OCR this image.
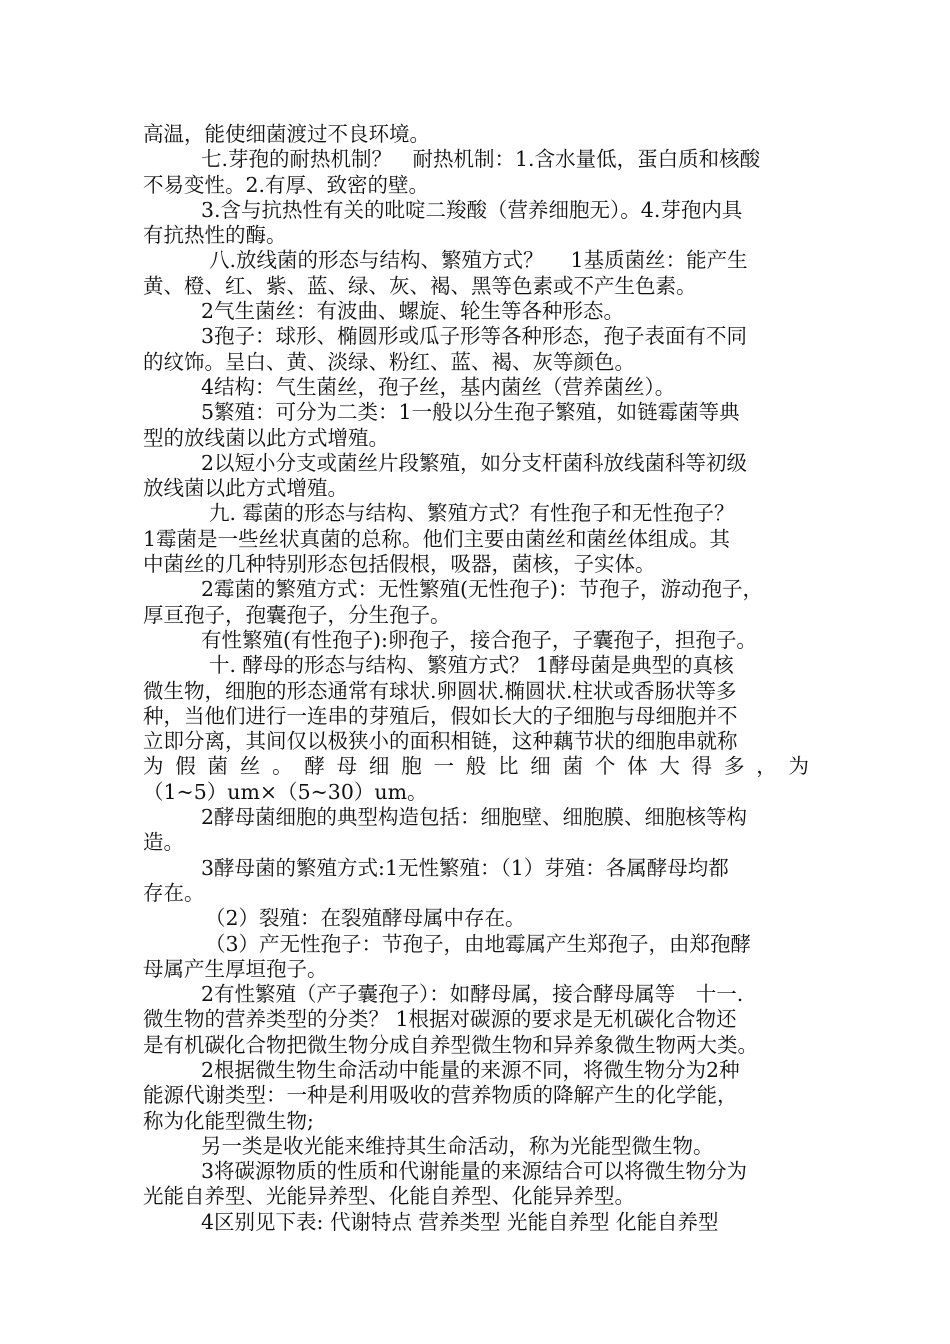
高温，能使细菌渡过不良环境。
七.芽孢的耐热机制？　耐热机制：1.含水量低，蛋白质和核酸
不易变性。2.有厚、致密的壁。
3.含与抗热性有关的吡啶二羧酸（营养细胞无）。4.芽孢内具
有抗热性的酶。
八.放线菌的形态与结构、繁殖方式？　 1基质菌丝：能产生
黄、橙、红、紫、蓝、绿、灰、褐、黑等色素或不产生色素。
2气生菌丝：有波曲、螺旋、轮生等各种形态。
3孢子：球形、椭圆形或瓜子形等各种形态，孢子表面有不同
的纹饰。呈白、黄、淡绿、粉红、蓝、褐、灰等颜色。
4结构：气生菌丝，孢子丝，基内菌丝（营养菌丝）。
5繁殖：可分为二类：1一般以分生孢子繁殖，如链霉菌等典
型的放线菌以此方式增殖。
2以短小分支或菌丝片段繁殖，如分支杆菌科放线菌科等初级
放线菌以此方式增殖。
九. 霉菌的形态与结构、繁殖方式？有性孢子和无性孢子？
1霉菌是一些丝状真菌的总称。他们主要由菌丝和菌丝体组成。其
中菌丝的几种特别形态包括假根，吸器，菌核，子实体。
2霉菌的繁殖方式：无性繁殖(无性孢子)：节孢子，游动孢子，
厚亘孢子，孢囊孢子，分生孢子。
有性繁殖(有性孢子):卵孢子，接合孢子，子囊孢子，担孢子。
十. 酵母的形态与结构、繁殖方式？ 1酵母菌是典型的真核
微生物，细胞的形态通常有球状.卵圆状.椭圆状.柱状或香肠状等多
种，当他们进行一连串的芽殖后，假如长大的子细胞与母细胞并不
立即分离，其间仅以极狭小的面积相链，这种藕节状的细胞串就称
为 假 菌 丝 。 酵 母 细 胞 一 般 比 细 菌 个 体 大 得 多 ， 为
（1~5）um×（5~30）um。
2酵母菌细胞的典型构造包括：细胞壁、细胞膜、细胞核等构
造。
3酵母菌的繁殖方式:1无性繁殖：（1）芽殖：各属酵母均都
存在。
（2）裂殖：在裂殖酵母属中存在。
（3）产无性孢子：节孢子，由地霉属产生郑孢子，由郑孢酵
母属产生厚垣孢子。
2有性繁殖（产子囊孢子）：如酵母属，接合酵母属等　十一.
微生物的营养类型的分类？ 1根据对碳源的要求是无机碳化合物还
是有机碳化合物把微生物分成自养型微生物和异养象微生物两大类。
2根据微生物生命活动中能量的来源不同，将微生物分为2种
能源代谢类型：一种是利用吸收的营养物质的降解产生的化学能，
称为化能型微生物;
另一类是收光能来维持其生命活动，称为光能型微生物。
3将碳源物质的性质和代谢能量的来源结合可以将微生物分为
光能自养型、光能异养型、化能自养型、化能异养型。
4区别见下表: 代谢特点 营养类型 光能自养型 化能自养型
